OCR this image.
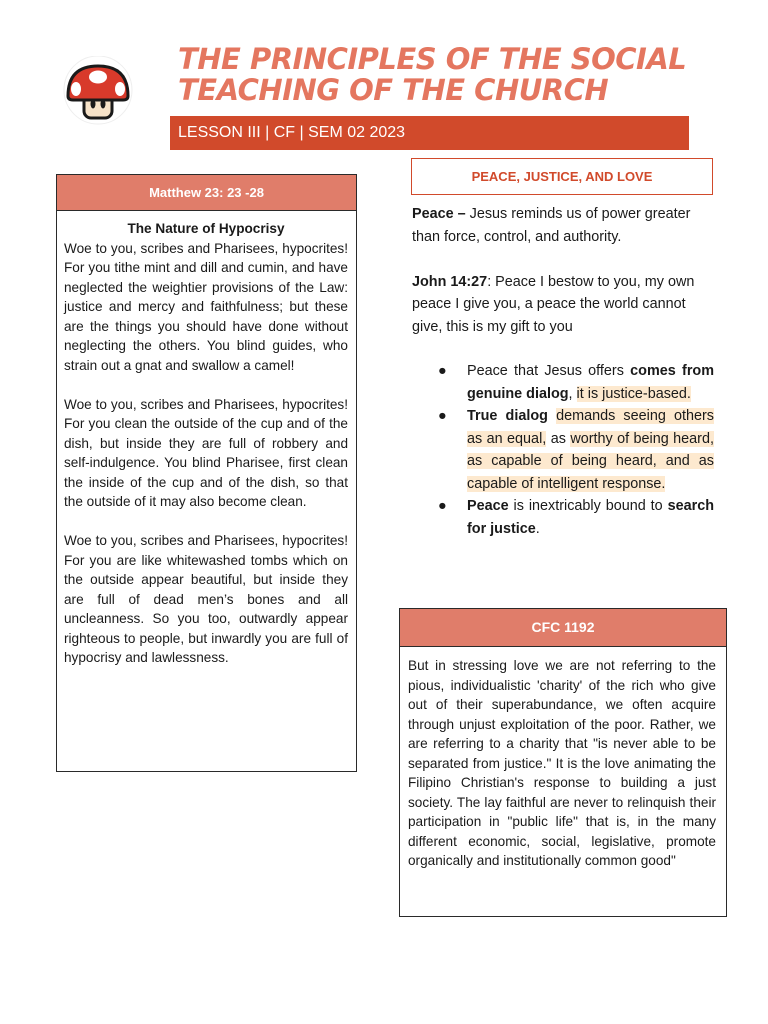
THE PRINCIPLES OF THE SOCIAL
TEACHING OF THE CHURCH
LESSON III | CF | SEM 02 2023
Matthew 23: 23 -28
The Nature of Hypocrisy

Woe to you, scribes and Pharisees, hypocrites! For you tithe mint and dill and cumin, and have neglected the weightier provisions of the Law: justice and mercy and faithfulness; but these are the things you should have done without neglecting the others. You blind guides, who strain out a gnat and swallow a camel!

Woe to you, scribes and Pharisees, hypocrites! For you clean the outside of the cup and of the dish, but inside they are full of robbery and self-indulgence. You blind Pharisee, first clean the inside of the cup and of the dish, so that the outside of it may also become clean.

Woe to you, scribes and Pharisees, hypocrites! For you are like whitewashed tombs which on the outside appear beautiful, but inside they are full of dead men’s bones and all uncleanness. So you too, outwardly appear righteous to people, but inwardly you are full of hypocrisy and lawlessness.

PEACE, JUSTICE, AND LOVE

Peace – Jesus reminds us of power greater than force, control, and authority.

John 14:27: Peace I bestow to you, my own peace I give you, a peace the world cannot give, this is my gift to you

● Peace that Jesus offers comes from genuine dialog, it is justice-based.

● True dialog demands seeing others as an equal, as worthy of being heard, as capable of being heard, and as capable of intelligent response.

● Peace is inextricably bound to search for justice.

CFC 1192
But in stressing love we are not referring to the pious, individualistic 'charity' of the rich who give out of their superabundance, we often acquire through unjust exploitation of the poor. Rather, we are referring to a charity that "is never able to be separated from justice." It is the love animating the Filipino Christian's response to building a just society. The lay faithful are never to relinquish their participation in "public life" that is, in the many different economic, social, legislative, promote organically and institutionally common good"
